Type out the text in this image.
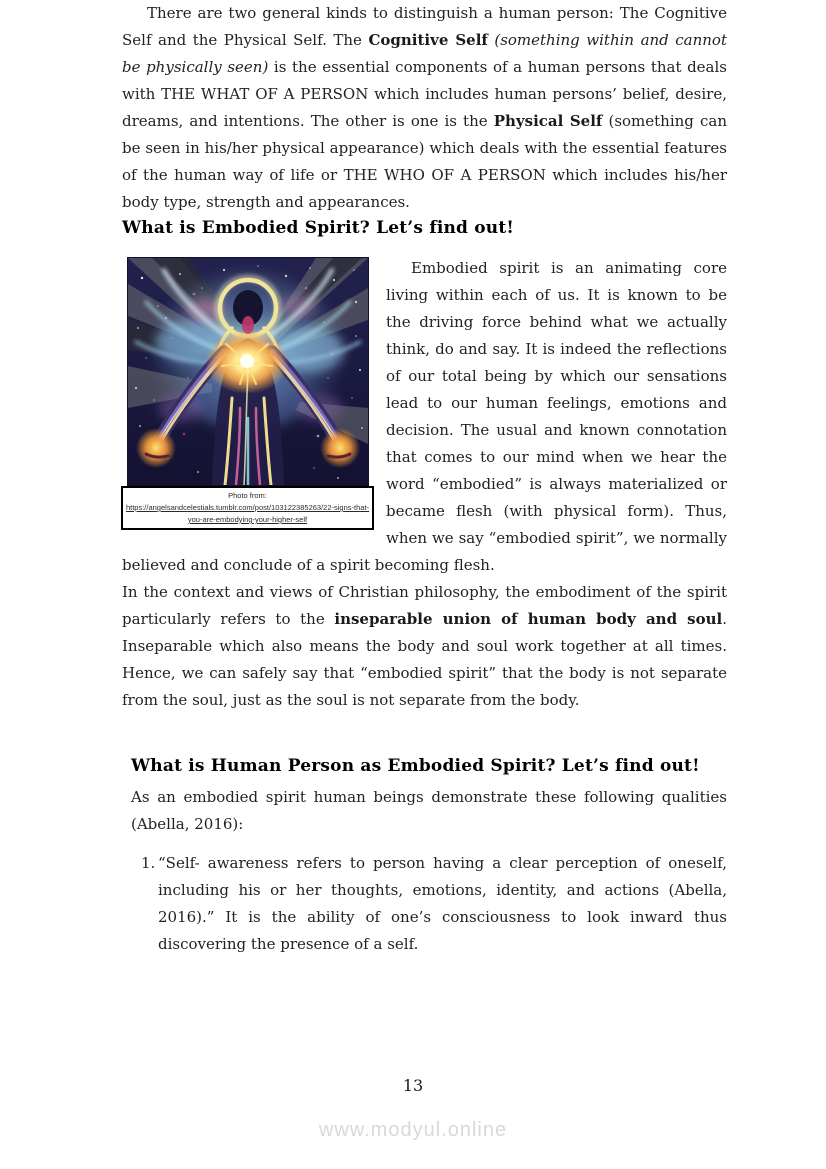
There are two general kinds to distinguish a human person: The Cognitive Self and the Physical Self. The Cognitive Self (something within and cannot be physically seen) is the essential components of a human persons that deals with THE WHAT OF A PERSON which includes human persons’ belief, desire, dreams, and intentions. The other is one is the Physical Self (something can be seen in his/her physical appearance) which deals with the essential features of the human way of life or THE WHO OF A PERSON which includes his/her body type, strength and appearances.

What is Embodied Spirit? Let’s find out!
Photo from: https://angelsandcelestials.tumblr.com/post/103122385263/22-signs-that-you-are-embodying-your-higher-self

Embodied spirit is an animating core living within each of us. It is known to be the driving force behind what we actually think, do and say. It is indeed the reflections of our total being by which our sensations lead to our human feelings, emotions and decision. The usual and known connotation that comes to our mind when we hear the word “embodied” is always materialized or became flesh (with physical form). Thus, when we say “embodied spirit”, we normally believed and conclude of a spirit becoming flesh.

In the context and views of Christian philosophy, the embodiment of the spirit particularly refers to the inseparable union of human body and soul. Inseparable which also means the body and soul work together at all times. Hence, we can safely say that “embodied spirit” that the body is not separate from the soul, just as the soul is not separate from the body.

What is Human Person as Embodied Spirit? Let’s find out!

As an embodied spirit human beings demonstrate these following qualities (Abella, 2016):

1. “Self- awareness refers to person having a clear perception of oneself, including his or her thoughts, emotions, identity, and actions (Abella, 2016).” It is the ability of one’s consciousness to look inward thus discovering the presence of a self.

13
www.modyul.online
